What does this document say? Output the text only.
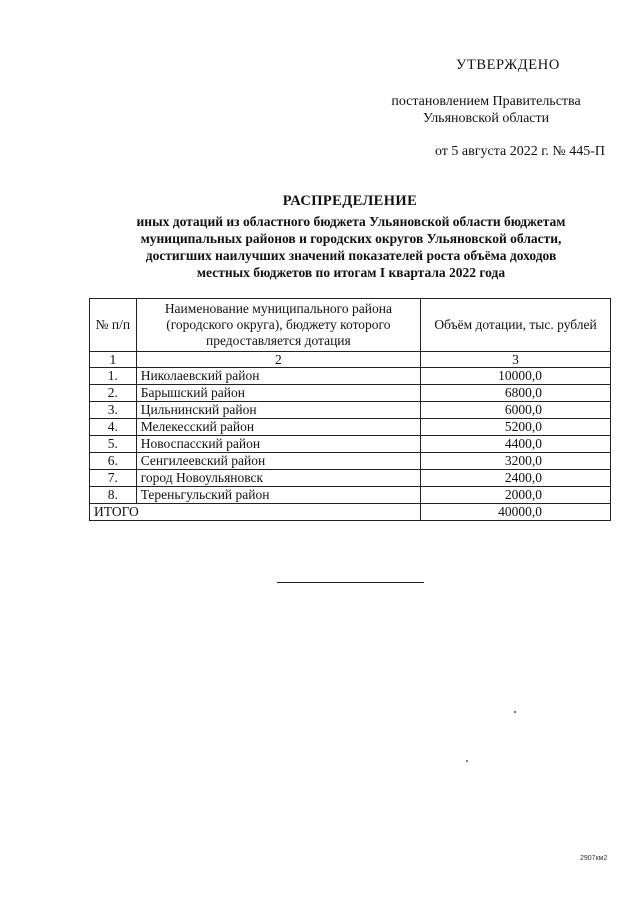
УТВЕРЖДЕНО
постановлением Правительства
Ульяновской области
от 5 августа 2022 г. № 445-П
РАСПРЕДЕЛЕНИЕ
иных дотаций из областного бюджета Ульяновской области бюджетам
муниципальных районов и городских округов Ульяновской области,
достигших наилучших значений показателей роста объёма доходов
местных бюджетов по итогам I квартала 2022 года
№ п/п	Наименование муниципального района (городского округа), бюджету которого предоставляется дотация	Объём дотации, тыс. рублей
1	2	3
1.	Николаевский район	10000,0
2.	Барышский район	6800,0
3.	Цильнинский район	6000,0
4.	Мелекесский район	5200,0
5.	Новоспасский район	4400,0
6.	Сенгилеевский район	3200,0
7.	город Новоульяновск	2400,0
8.	Тереньгульский район	2000,0
ИТОГО		40000,0
2907км2
